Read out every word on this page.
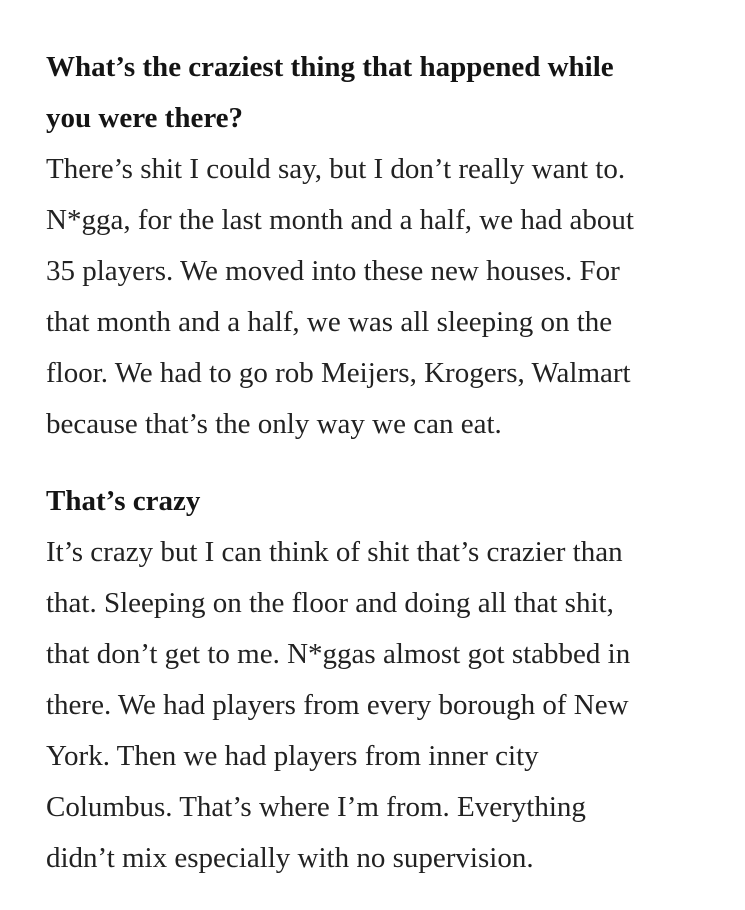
What’s the craziest thing that happened while
you were there?

There’s shit I could say, but I don’t really want to.
N*gga, for the last month and a half, we had about
35 players. We moved into these new houses. For
that month and a half, we was all sleeping on the
floor. We had to go rob Meijers, Krogers, Walmart
because that’s the only way we can eat.

That’s crazy

It’s crazy but I can think of shit that’s crazier than
that. Sleeping on the floor and doing all that shit,
that don’t get to me. N*ggas almost got stabbed in
there. We had players from every borough of New
York. Then we had players from inner city
Columbus. That’s where I’m from. Everything
didn’t mix especially with no supervision.
